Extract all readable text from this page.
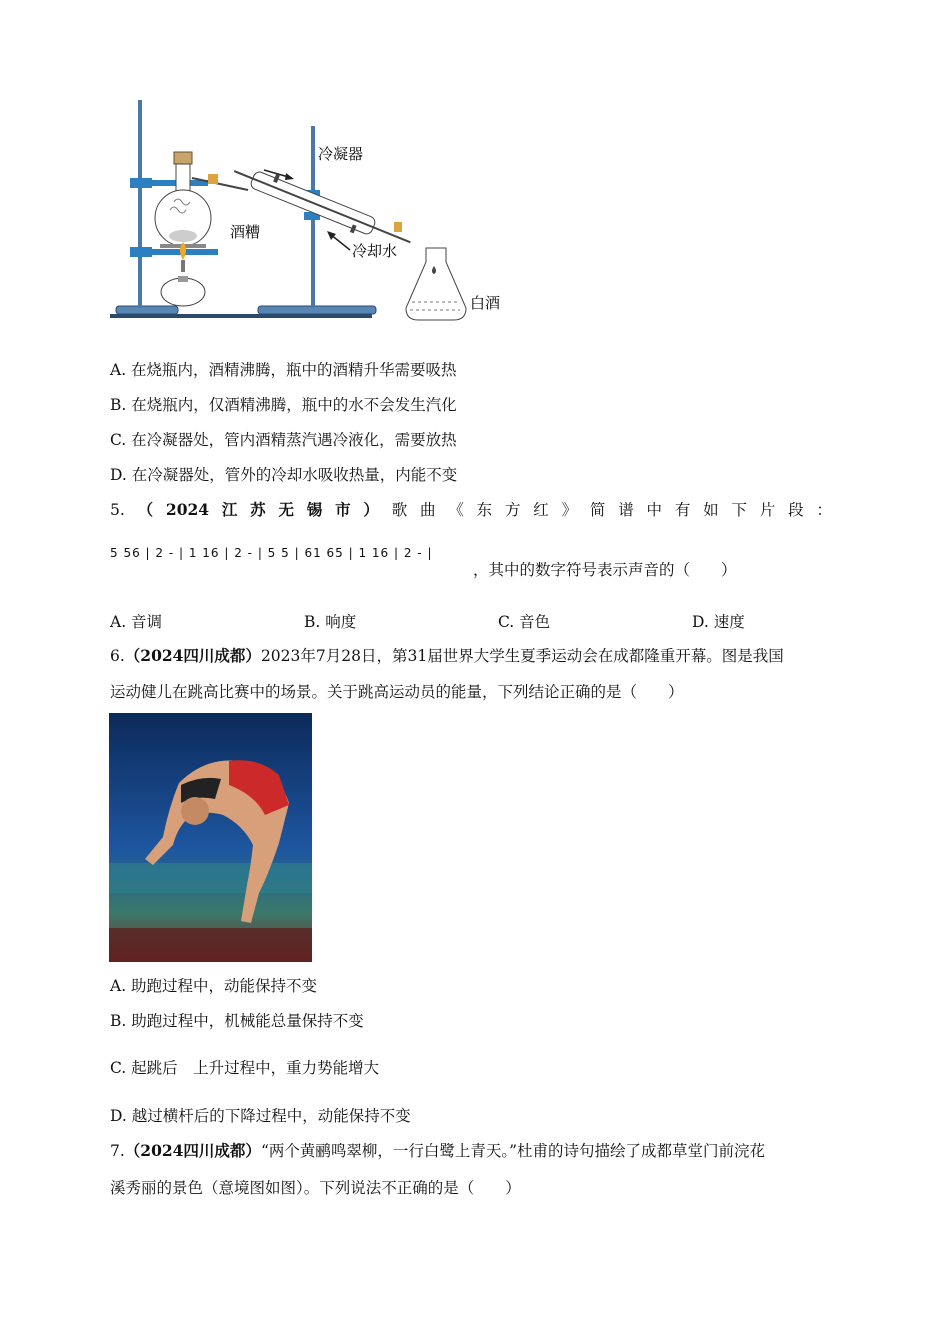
冷凝器
酒糟
冷却水
白酒
A. 在烧瓶内，酒精沸腾，瓶中的酒精升华需要吸热
B. 在烧瓶内，仅酒精沸腾，瓶中的水不会发生汽化
C. 在冷凝器处，管内酒精蒸汽遇冷液化，需要放热
D. 在冷凝器处，管外的冷却水吸收热量，内能不变
5. （ 2024 江 苏 无 锡 市 ） 歌 曲 《 东 方 红 》 简 谱 中 有 如 下 片 段 ：
5 56 | 2 - | 1 16 | 2 - | 5 5 | 61 65 | 1 16 | 2 - |
，其中的数字符号表示声音的（　　）
A. 音调	B. 响度	C. 音色	D. 速度
6.（2024四川成都）2023年7月28日，第31届世界大学生夏季运动会在成都隆重开幕。图是我国
运动健儿在跳高比赛中的场景。关于跳高运动员的能量，下列结论正确的是（　　）
A. 助跑过程中，动能保持不变
B. 助跑过程中，机械能总量保持不变
C. 起跳后　上升过程中，重力势能增大
D. 越过横杆后的下降过程中，动能保持不变
7.（2024四川成都）“两个黄鹂鸣翠柳，一行白鹭上青天。”杜甫的诗句描绘了成都草堂门前浣花
溪秀丽的景色（意境图如图）。下列说法不正确的是（　　）
